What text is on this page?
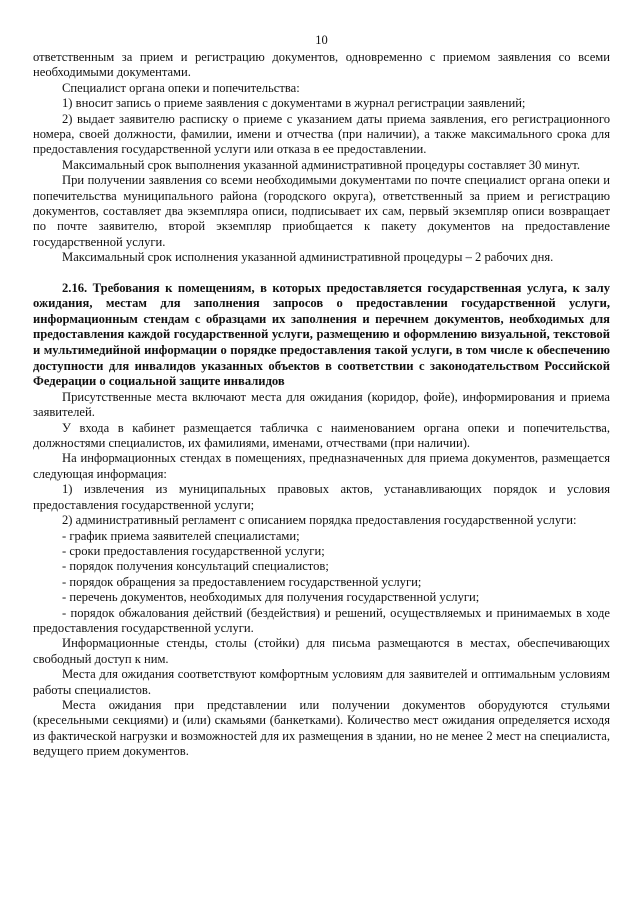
10

ответственным за прием и регистрацию документов, одновременно с приемом заявления со всеми необходимыми документами.

Специалист органа опеки и попечительства:

1) вносит запись о приеме заявления с документами в журнал регистрации заявлений;

2) выдает заявителю расписку о приеме с указанием даты приема заявления, его регистрационного номера, своей должности, фамилии, имени и отчества (при наличии), а также максимального срока для предоставления государственной услуги или отказа в ее предоставлении.

Максимальный срок выполнения указанной административной процедуры составляет 30 минут.

При получении заявления со всеми необходимыми документами по почте специалист органа опеки и попечительства муниципального района (городского округа), ответственный за прием и регистрацию документов, составляет два экземпляра описи, подписывает их сам, первый экземпляр описи возвращает по почте заявителю, второй экземпляр приобщается к пакету документов на предоставление государственной услуги.

Максимальный срок исполнения указанной административной процедуры – 2 рабочих дня.

2.16. Требования к помещениям, в которых предоставляется государственная услуга, к залу ожидания, местам для заполнения запросов о предоставлении государственной услуги, информационным стендам с образцами их заполнения и перечнем документов, необходимых для предоставления каждой государственной услуги, размещению и оформлению визуальной, текстовой и мультимедийной информации о порядке предоставления такой услуги, в том числе к обеспечению доступности для инвалидов указанных объектов в соответствии с законодательством Российской Федерации о социальной защите инвалидов

Присутственные места включают места для ожидания (коридор, фойе), информирования и приема заявителей.

У входа в кабинет размещается табличка с наименованием органа опеки и попечительства, должностями специалистов, их фамилиями, именами, отчествами (при наличии).

На информационных стендах в помещениях, предназначенных для приема документов, размещается следующая информация:

1) извлечения из муниципальных правовых актов, устанавливающих порядок и условия предоставления государственной услуги;

2) административный регламент с описанием порядка предоставления государственной услуги:

- график приема заявителей специалистами;

- сроки предоставления государственной услуги;

- порядок получения консультаций специалистов;

- порядок обращения за предоставлением государственной услуги;

- перечень документов, необходимых для получения государственной услуги;

- порядок обжалования действий (бездействия) и решений, осуществляемых и принимаемых в ходе предоставления государственной услуги.

Информационные стенды, столы (стойки) для письма размещаются в местах, обеспечивающих свободный доступ к ним.

Места для ожидания соответствуют комфортным условиям для заявителей и оптимальным условиям работы специалистов.

Места ожидания при представлении или получении документов оборудуются стульями (кресельными секциями) и (или) скамьями (банкетками). Количество мест ожидания определяется исходя из фактической нагрузки и возможностей для их размещения в здании, но не менее 2 мест на специалиста, ведущего прием документов.
